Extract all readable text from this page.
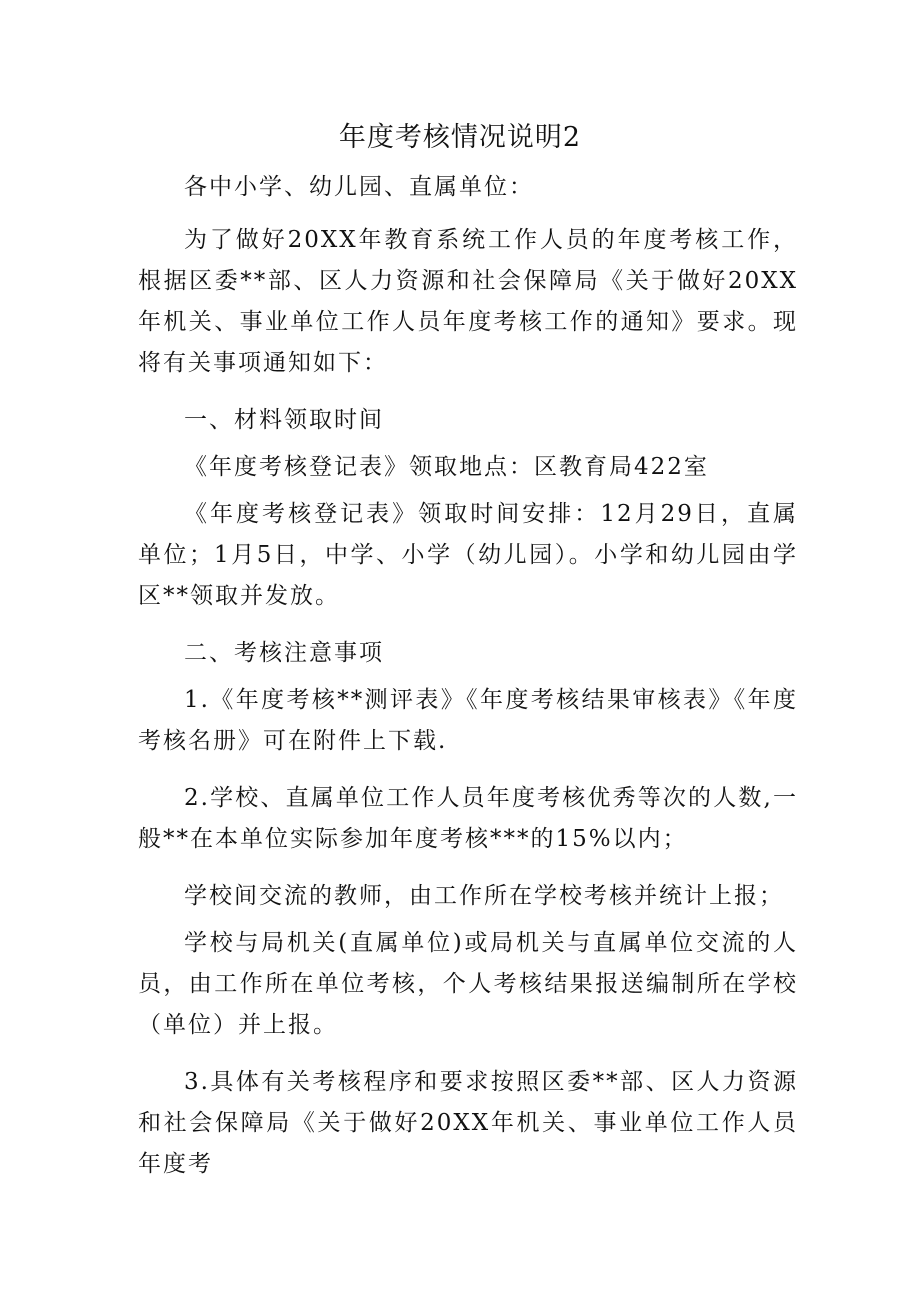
年度考核情况说明2

各中小学、幼儿园、直属单位：

为了做好20XX年教育系统工作人员的年度考核工作，根据区委**部、区人力资源和社会保障局《关于做好20XX年机关、事业单位工作人员年度考核工作的通知》要求。现将有关事项通知如下：

一、材料领取时间

《年度考核登记表》领取地点：区教育局422室

《年度考核登记表》领取时间安排：12月29日，直属单位；1月5日，中学、小学（幼儿园）。小学和幼儿园由学区**领取并发放。

二、考核注意事项

1.《年度考核**测评表》《年度考核结果审核表》《年度考核名册》可在附件上下载.

2.学校、直属单位工作人员年度考核优秀等次的人数,一般**在本单位实际参加年度考核***的15%以内；

学校间交流的教师，由工作所在学校考核并统计上报；

学校与局机关(直属单位)或局机关与直属单位交流的人员，由工作所在单位考核，个人考核结果报送编制所在学校（单位）并上报。

3.具体有关考核程序和要求按照区委**部、区人力资源和社会保障局《关于做好20XX年机关、事业单位工作人员年度考
